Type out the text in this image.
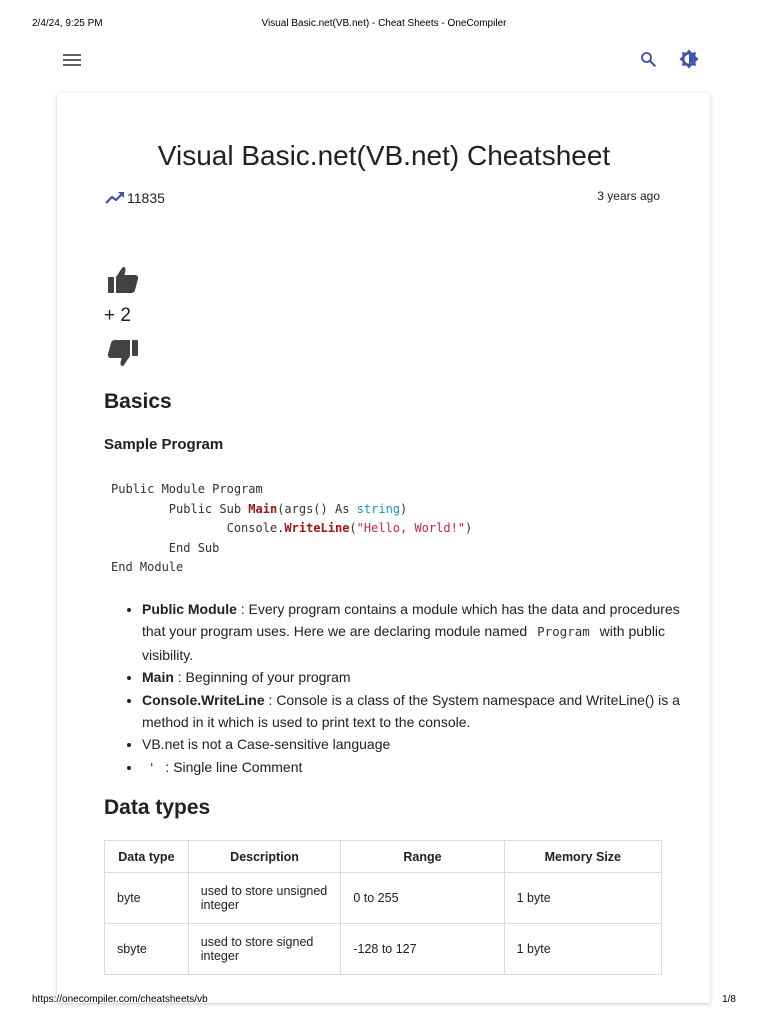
2/4/24, 9:25 PM	Visual Basic.net(VB.net) - Cheat Sheets - OneCompiler
Visual Basic.net(VB.net) Cheatsheet
11835	3 years ago
+ 2
Basics
Sample Program
Public Module Program
Public Sub Main(args() As string)
Console.WriteLine("Hello, World!")
End Sub
End Module
• Public Module : Every program contains a module which has the data and procedures that your program uses. Here we are declaring module named Program with public visibility.
• Main : Beginning of your program
• Console.WriteLine : Console is a class of the System namespace and WriteLine() is a method in it which is used to print text to the console.
• VB.net is not a Case-sensitive language
• ' : Single line Comment
Data types
Data type	Description	Range	Memory Size
byte	used to store unsigned integer	0 to 255	1 byte
sbyte	used to store signed integer	-128 to 127	1 byte
https://onecompiler.com/cheatsheets/vb	1/8
